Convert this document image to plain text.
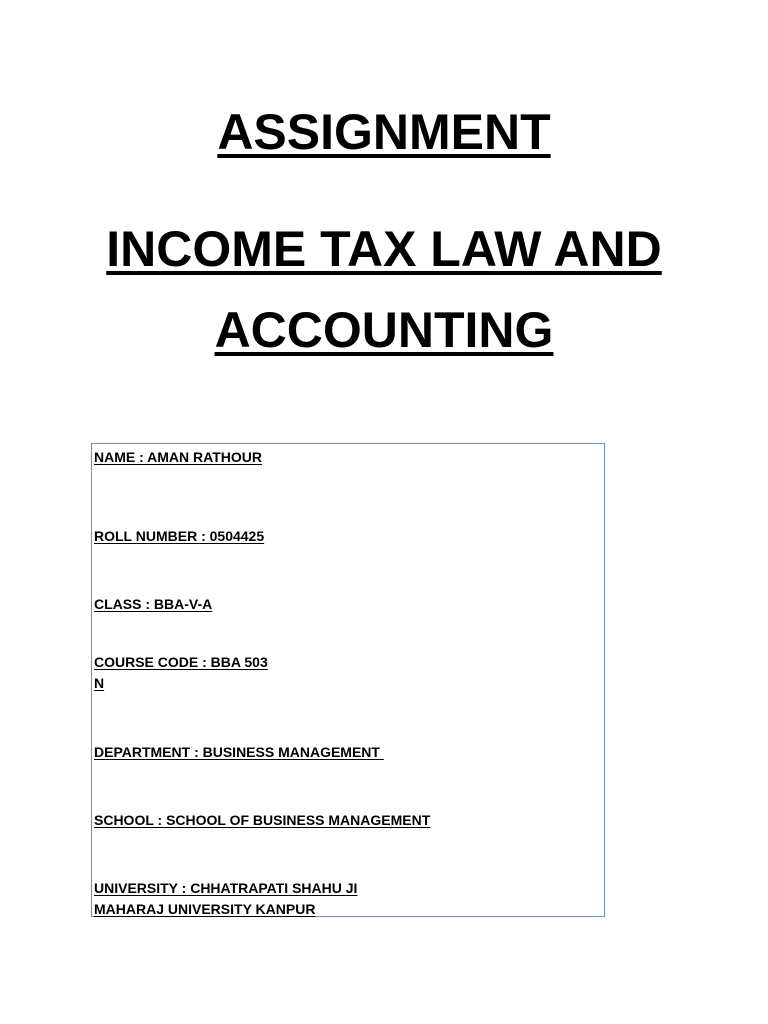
ASSIGNMENT
INCOME TAX LAW AND
ACCOUNTING
NAME : AMAN RATHOUR
ROLL NUMBER : 0504425
CLASS : BBA-V-A
COURSE CODE : BBA 503
N
DEPARTMENT : BUSINESS MANAGEMENT
SCHOOL : SCHOOL OF BUSINESS MANAGEMENT
UNIVERSITY : CHHATRAPATI SHAHU JI
MAHARAJ UNIVERSITY KANPUR
